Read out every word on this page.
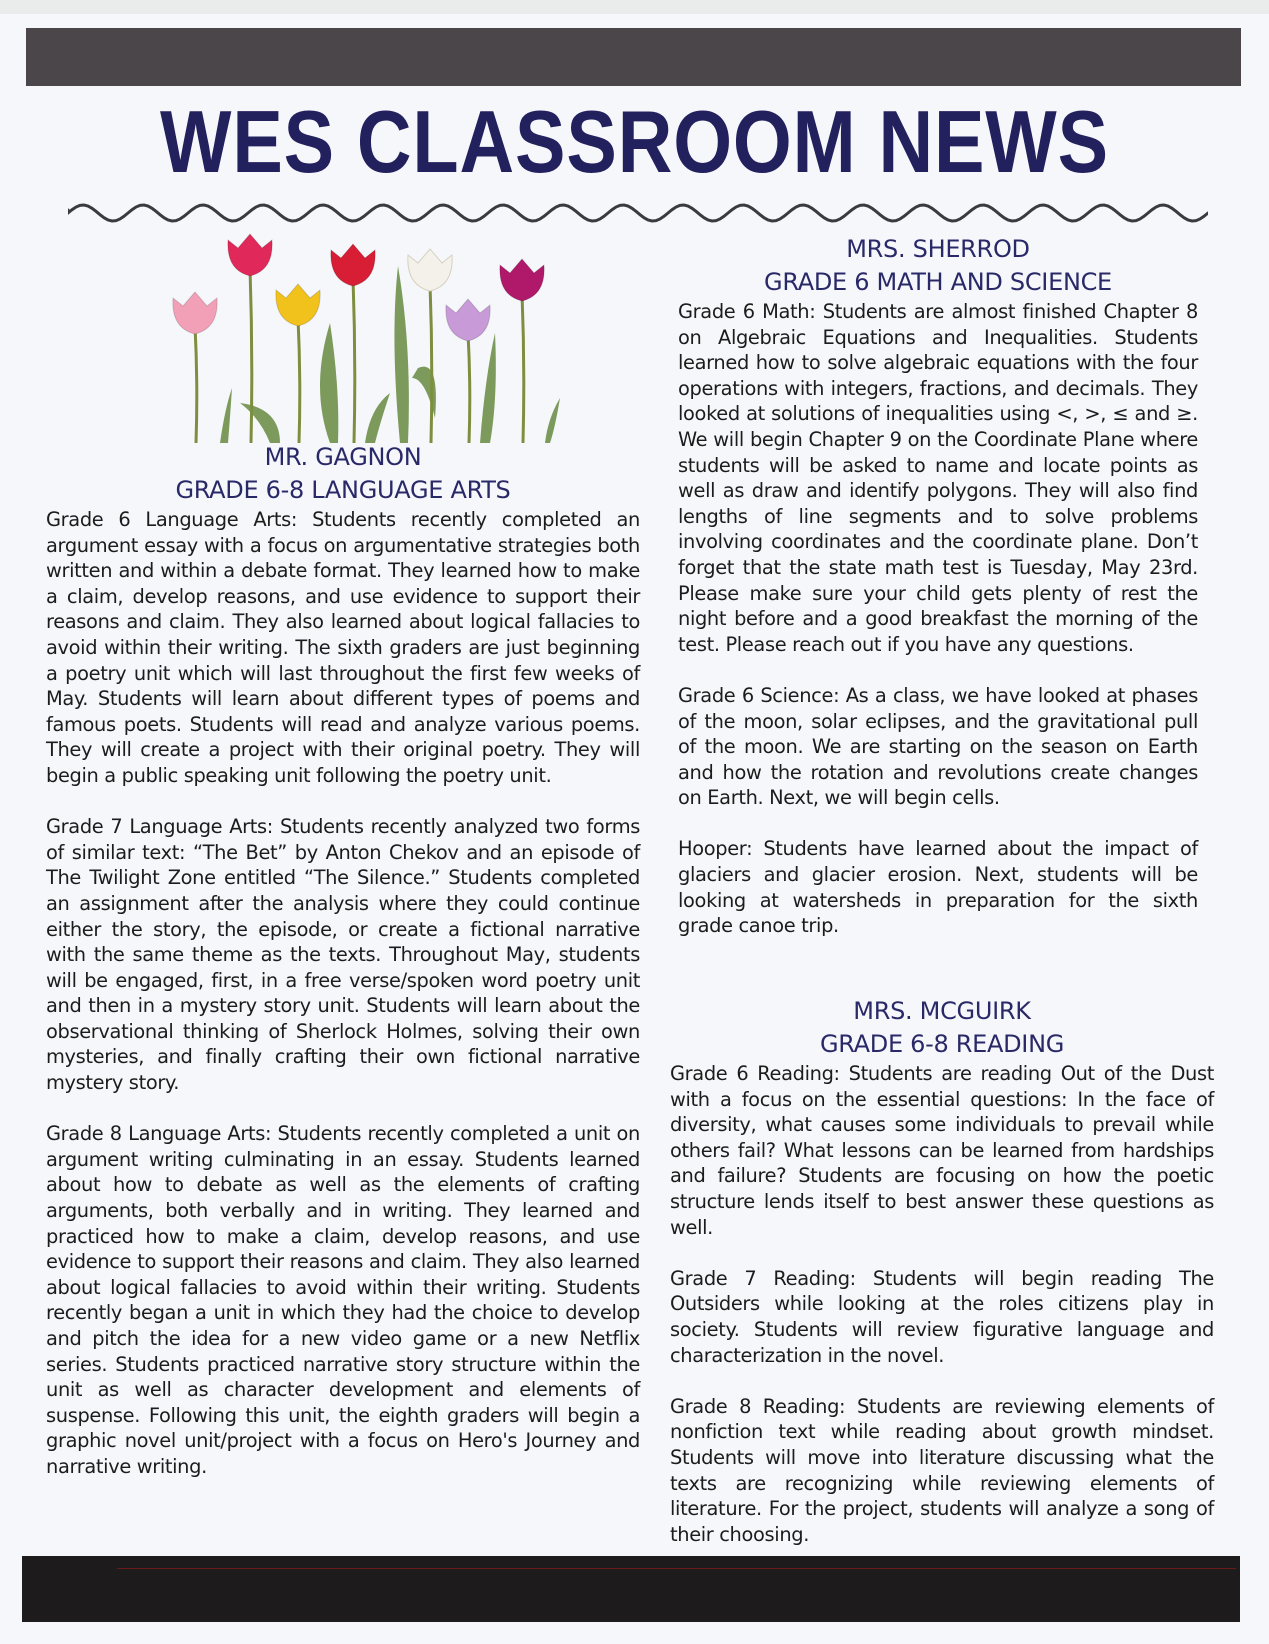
WES CLASSROOM NEWS
MR. GAGNON
GRADE 6-8 LANGUAGE ARTS

Grade 6 Language Arts: Students recently completed an argument essay with a focus on argumentative strategies both written and within a debate format. They learned how to make a claim, develop reasons, and use evidence to support their reasons and claim. They also learned about logical fallacies to avoid within their writing. The sixth graders are just beginning a poetry unit which will last throughout the first few weeks of May. Students will learn about different types of poems and famous poets. Students will read and analyze various poems. They will create a project with their original poetry. They will begin a public speaking unit following the poetry unit.

Grade 7 Language Arts: Students recently analyzed two forms of similar text: “The Bet” by Anton Chekov and an episode of The Twilight Zone entitled “The Silence.” Students completed an assignment after the analysis where they could continue either the story, the episode, or create a fictional narrative with the same theme as the texts. Throughout May, students will be engaged, first, in a free verse/spoken word poetry unit and then in a mystery story unit. Students will learn about the observational thinking of Sherlock Holmes, solving their own mysteries, and finally crafting their own fictional narrative mystery story.

Grade 8 Language Arts: Students recently completed a unit on argument writing culminating in an essay. Students learned about how to debate as well as the elements of crafting arguments, both verbally and in writing. They learned and practiced how to make a claim, develop reasons, and use evidence to support their reasons and claim. They also learned about logical fallacies to avoid within their writing. Students recently began a unit in which they had the choice to develop and pitch the idea for a new video game or a new Netflix series. Students practiced narrative story structure within the unit as well as character development and elements of suspense. Following this unit, the eighth graders will begin a graphic novel unit/project with a focus on Hero's Journey and narrative writing.

MRS. SHERROD
GRADE 6 MATH AND SCIENCE

Grade 6 Math: Students are almost finished Chapter 8 on Algebraic Equations and Inequalities. Students learned how to solve algebraic equations with the four operations with integers, fractions, and decimals. They looked at solutions of inequalities using <, >, ≤ and ≥. We will begin Chapter 9 on the Coordinate Plane where students will be asked to name and locate points as well as draw and identify polygons. They will also find lengths of line segments and to solve problems involving coordinates and the coordinate plane. Don’t forget that the state math test is Tuesday, May 23rd. Please make sure your child gets plenty of rest the night before and a good breakfast the morning of the test. Please reach out if you have any questions.

Grade 6 Science: As a class, we have looked at phases of the moon, solar eclipses, and the gravitational pull of the moon. We are starting on the season on Earth and how the rotation and revolutions create changes on Earth. Next, we will begin cells.

Hooper: Students have learned about the impact of glaciers and glacier erosion. Next, students will be looking at watersheds in preparation for the sixth grade canoe trip.

MRS. MCGUIRK
GRADE 6-8 READING

Grade 6 Reading: Students are reading Out of the Dust with a focus on the essential questions: In the face of diversity, what causes some individuals to prevail while others fail? What lessons can be learned from hardships and failure? Students are focusing on how the poetic structure lends itself to best answer these questions as well.

Grade 7 Reading: Students will begin reading The Outsiders while looking at the roles citizens play in society. Students will review figurative language and characterization in the novel.

Grade 8 Reading: Students are reviewing elements of nonfiction text while reading about growth mindset. Students will move into literature discussing what the texts are recognizing while reviewing elements of literature. For the project, students will analyze a song of their choosing.
